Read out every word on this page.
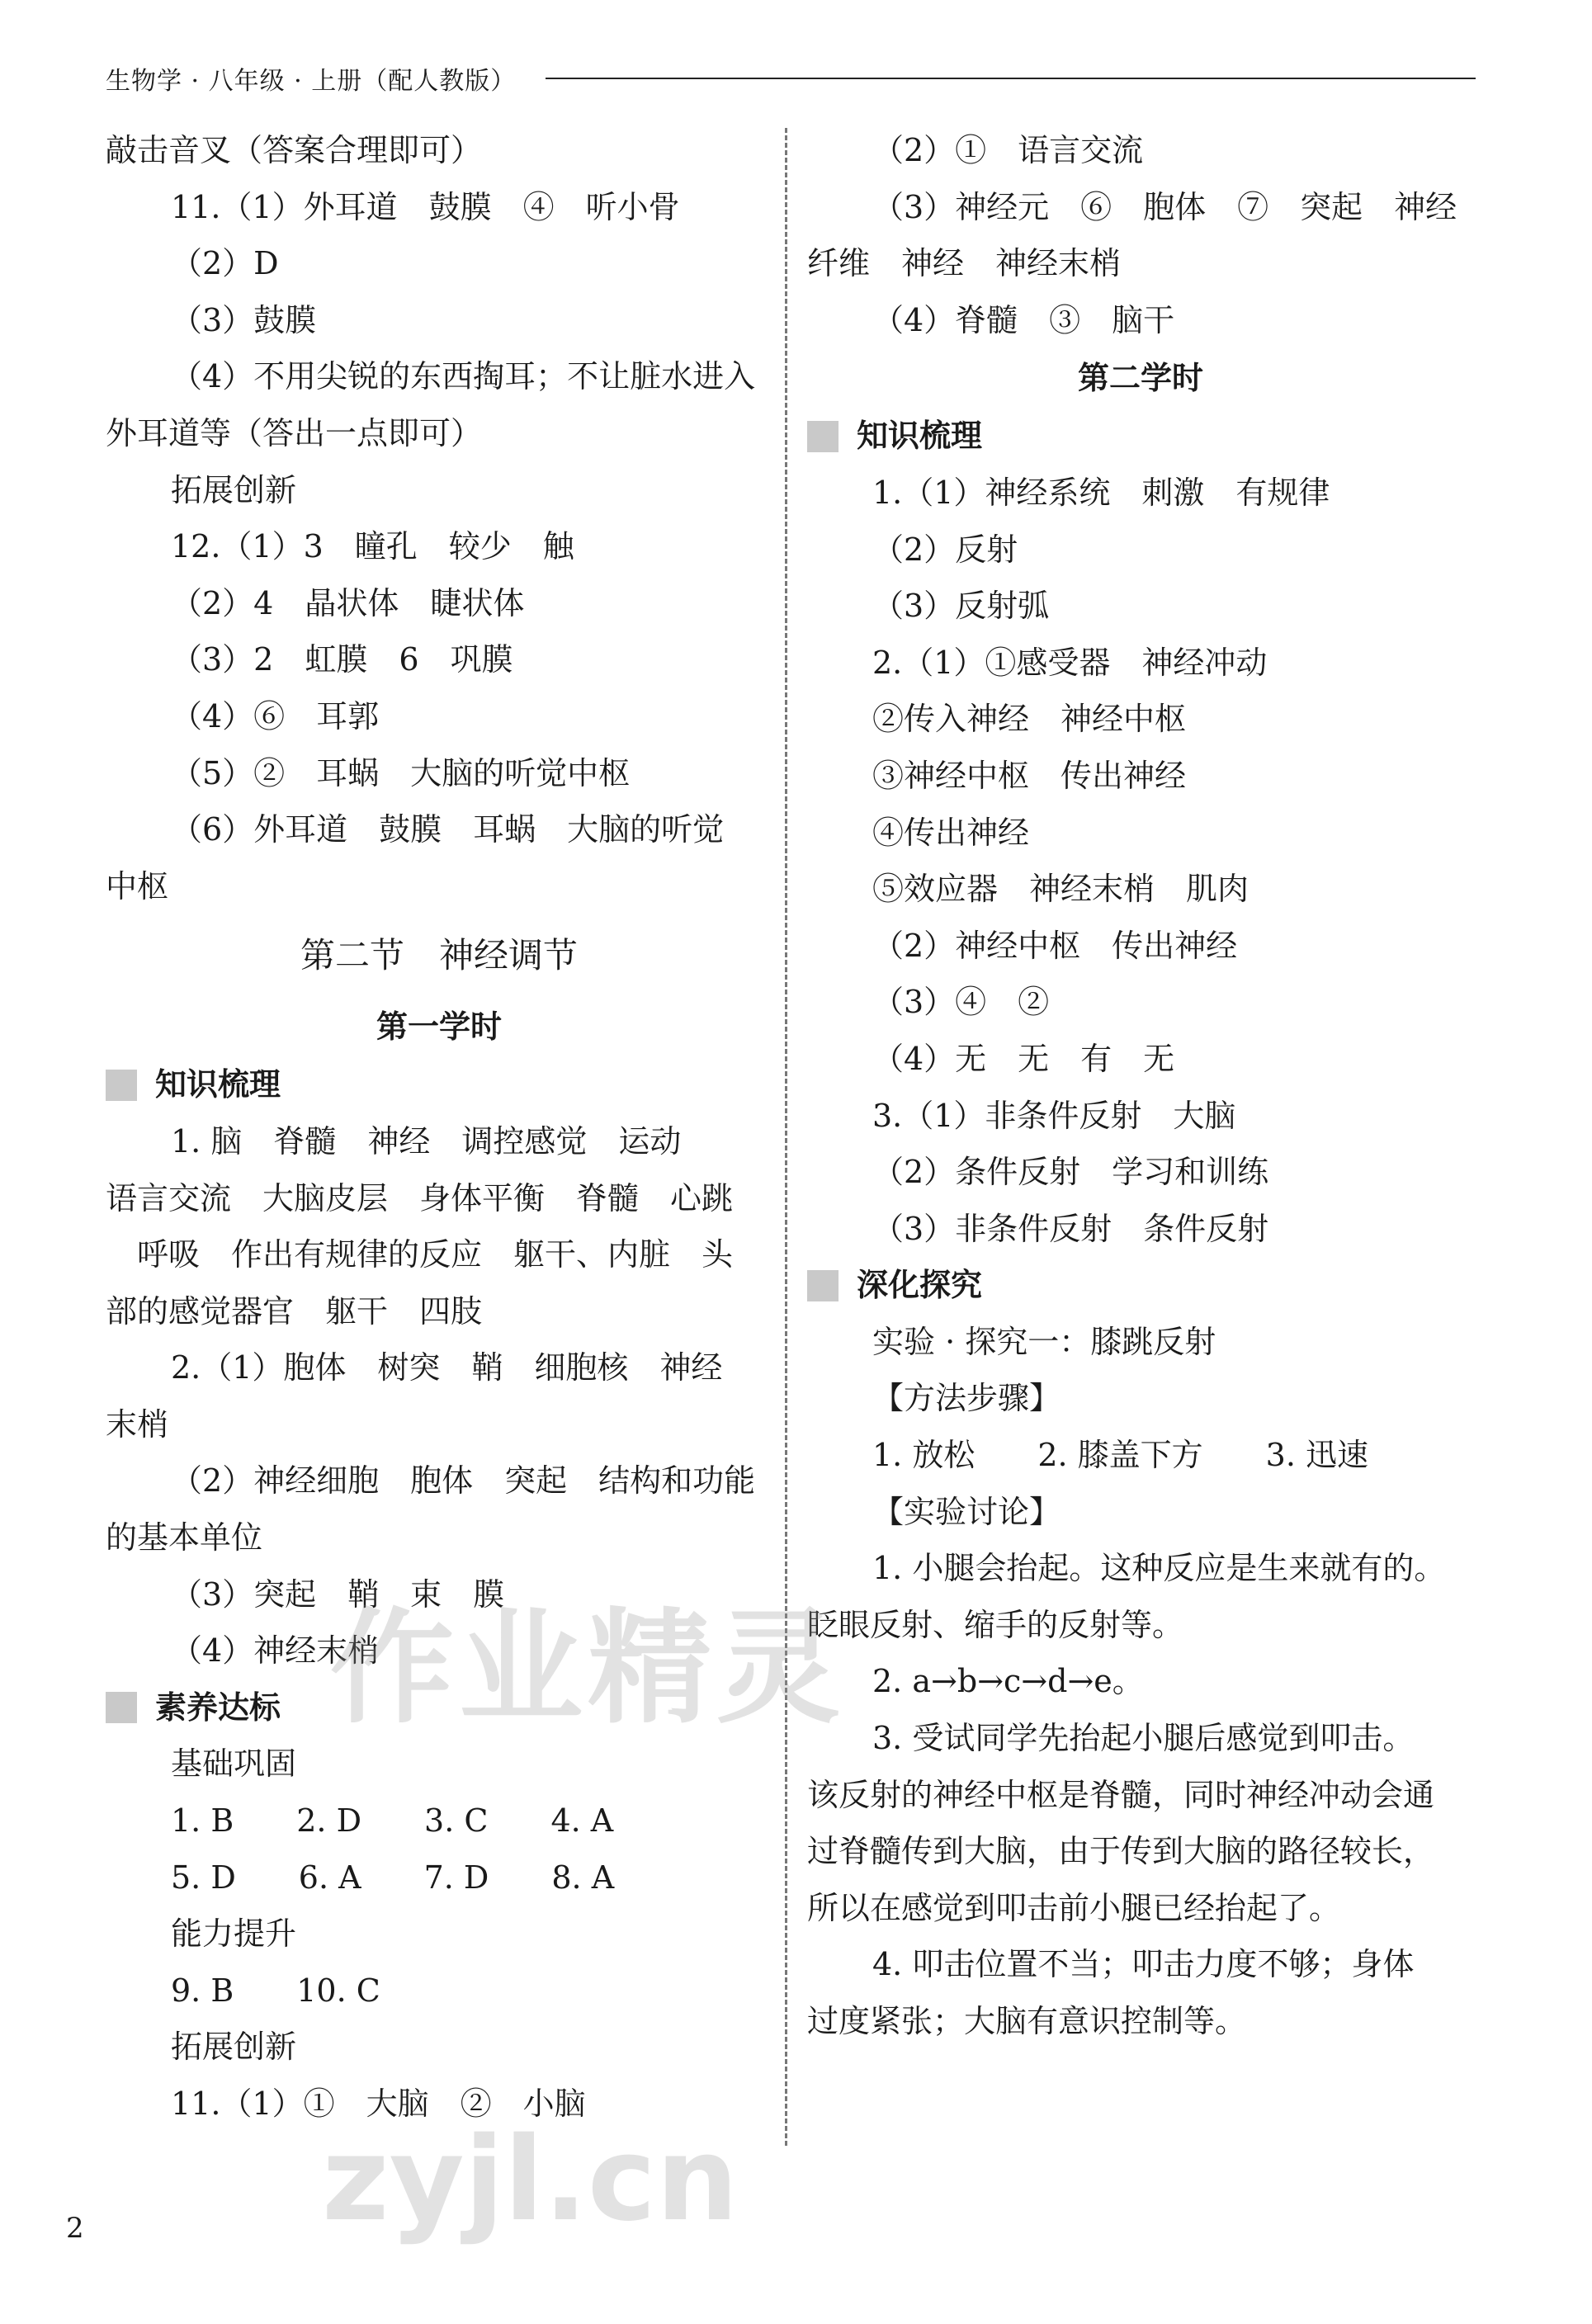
生物学 · 八年级 · 上册（配人教版）
敲击音叉（答案合理即可）
11.（1）外耳道　鼓膜　④　听小骨
（2）D
（3）鼓膜
（4）不用尖锐的东西掏耳；不让脏水进入
外耳道等（答出一点即可）
拓展创新
12.（1）3　瞳孔　较少　触
（2）4　晶状体　睫状体
（3）2　虹膜　6　巩膜
（4）⑥　耳郭
（5）②　耳蜗　大脑的听觉中枢
（6）外耳道　鼓膜　耳蜗　大脑的听觉
中枢
第二节　神经调节
第一学时
知识梳理
1. 脑　脊髓　神经　调控感觉　运动
语言交流　大脑皮层　身体平衡　脊髓　心跳
　呼吸　作出有规律的反应　躯干、内脏　头
部的感觉器官　躯干　四肢
2.（1）胞体　树突　鞘　细胞核　神经
末梢
（2）神经细胞　胞体　突起　结构和功能
的基本单位
（3）突起　鞘　束　膜
（4）神经末梢
素养达标
基础巩固
1. B　　2. D　　3. C　　4. A
5. D　　6. A　　7. D　　8. A
能力提升
9. B　　10. C
拓展创新
11.（1）①　大脑　②　小脑
（2）①　语言交流
（3）神经元　⑥　胞体　⑦　突起　神经
纤维　神经　神经末梢
（4）脊髓　③　脑干
第二学时
知识梳理
1.（1）神经系统　刺激　有规律
（2）反射
（3）反射弧
2.（1）①感受器　神经冲动
②传入神经　神经中枢
③神经中枢　传出神经
④传出神经
⑤效应器　神经末梢　肌肉
（2）神经中枢　传出神经
（3）④　②
（4）无　无　有　无
3.（1）非条件反射　大脑
（2）条件反射　学习和训练
（3）非条件反射　条件反射
深化探究
实验 · 探究一：膝跳反射
【方法步骤】
1. 放松　　2. 膝盖下方　　3. 迅速
【实验讨论】
1. 小腿会抬起。这种反应是生来就有的。
眨眼反射、缩手的反射等。
2. a→b→c→d→e。
3. 受试同学先抬起小腿后感觉到叩击。
该反射的神经中枢是脊髓，同时神经冲动会通
过脊髓传到大脑，由于传到大脑的路径较长，
所以在感觉到叩击前小腿已经抬起了。
4. 叩击位置不当；叩击力度不够；身体
过度紧张；大脑有意识控制等。
作业精灵
zyjl.cn
2
